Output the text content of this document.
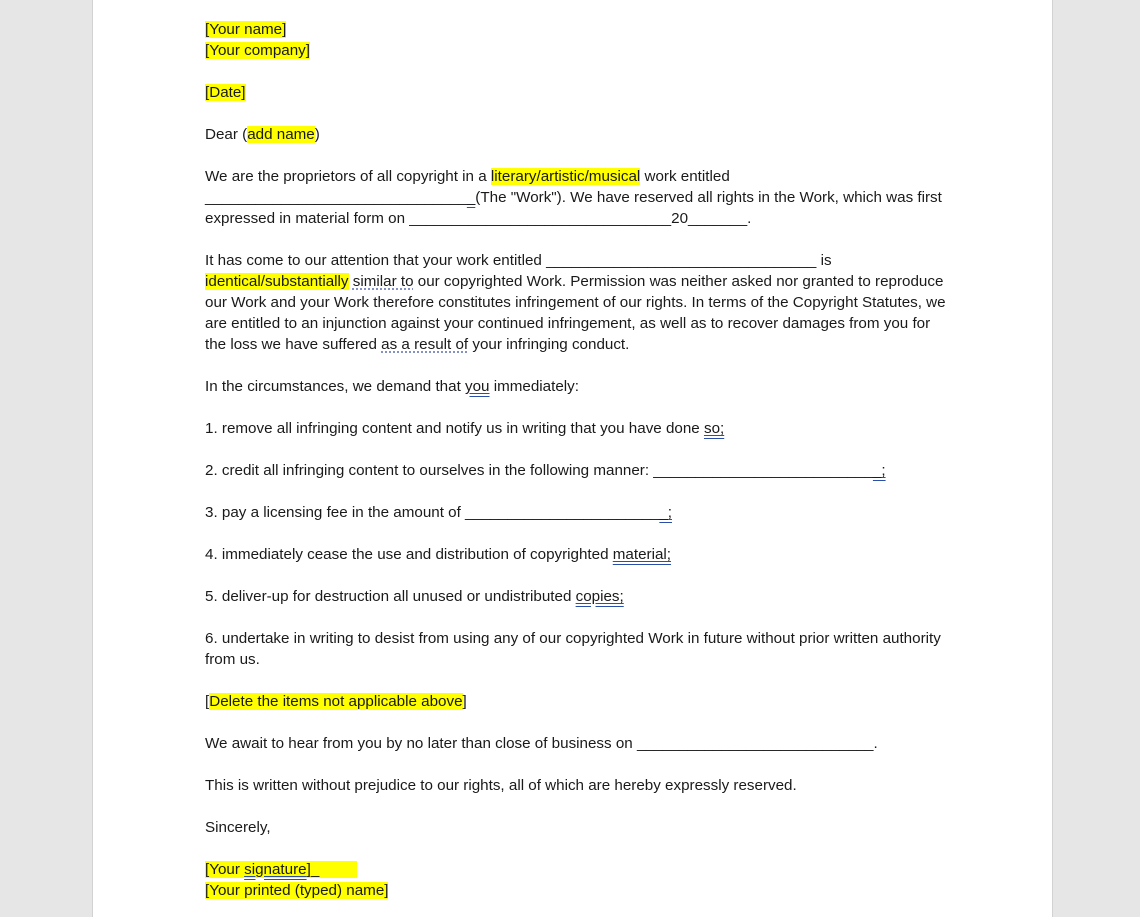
[Your name]

[Your company]

[Date]

Dear (add name)

We are the proprietors of all copyright in a literary/artistic/musical work entitled
________________________________(The "Work"). We have reserved all rights in the Work, which was first expressed in material form on _______________________________20_______.

It has come to our attention that your work entitled ________________________________ is identical/substantially similar to our copyrighted Work. Permission was neither asked nor granted to reproduce our Work and your Work therefore constitutes infringement of our rights. In terms of the Copyright Statutes, we are entitled to an injunction against your continued infringement, as well as to recover damages from you for the loss we have suffered as a result of your infringing conduct.

In the circumstances, we demand that you immediately:

1. remove all infringing content and notify us in writing that you have done so;

2. credit all infringing content to ourselves in the following manner: ___________________________;

3. pay a licensing fee in the amount of ________________________;

4. immediately cease the use and distribution of copyrighted material;

5. deliver-up for destruction all unused or undistributed copies;

6. undertake in writing to desist from using any of our copyrighted Work in future without prior written authority from us.

[Delete the items not applicable above]

We await to hear from you by no later than close of business on ____________________________.

This is written without prejudice to our rights, all of which are hereby expressly reserved.

Sincerely,

[Your signature]_

[Your printed (typed) name]
